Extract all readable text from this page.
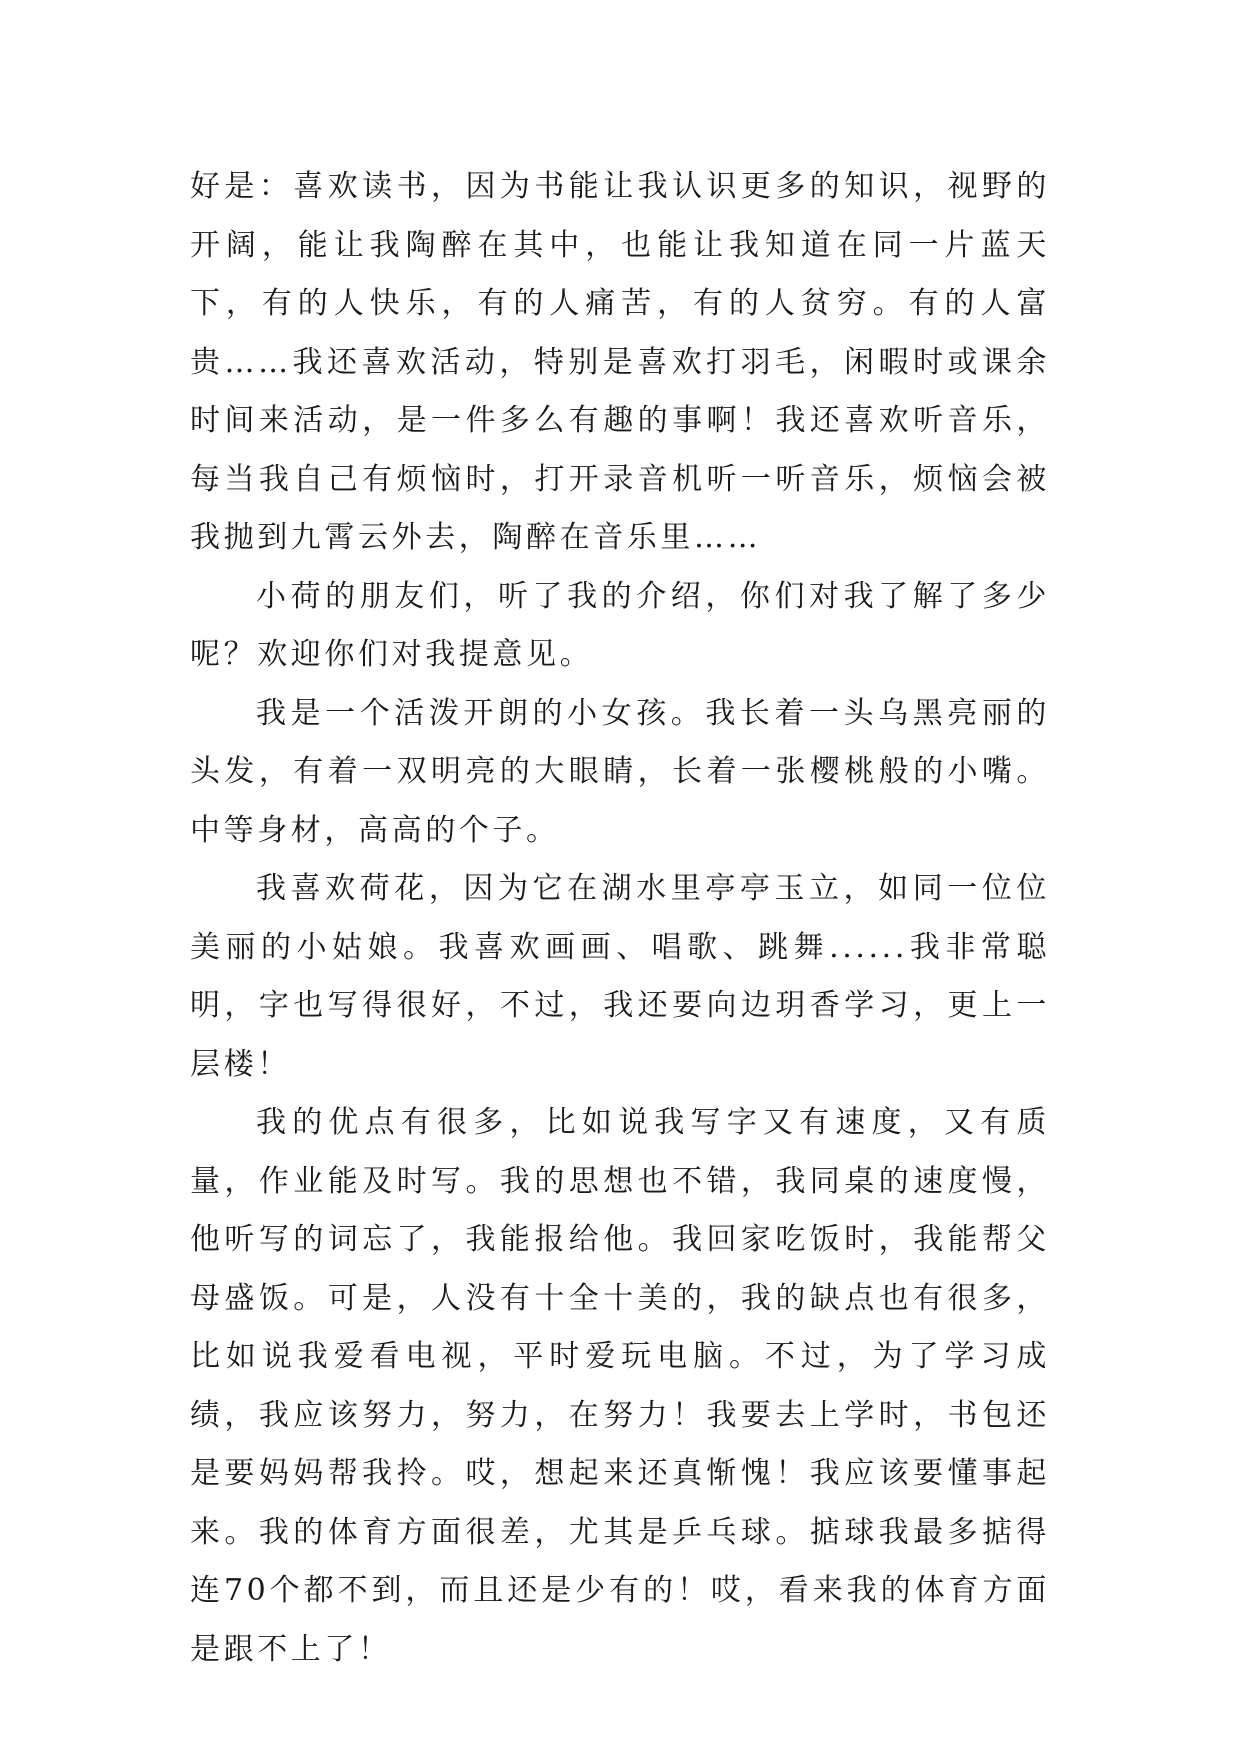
好是：喜欢读书，因为书能让我认识更多的知识，视野的开阔，能让我陶醉在其中，也能让我知道在同一片蓝天下，有的人快乐，有的人痛苦，有的人贫穷。有的人富贵……我还喜欢活动，特别是喜欢打羽毛，闲暇时或课余时间来活动，是一件多么有趣的事啊！我还喜欢听音乐，每当我自己有烦恼时，打开录音机听一听音乐，烦恼会被我抛到九霄云外去，陶醉在音乐里……

小荷的朋友们，听了我的介绍，你们对我了解了多少呢？欢迎你们对我提意见。

我是一个活泼开朗的小女孩。我长着一头乌黑亮丽的头发，有着一双明亮的大眼睛，长着一张樱桃般的小嘴。中等身材，高高的个子。

我喜欢荷花，因为它在湖水里亭亭玉立，如同一位位美丽的小姑娘。我喜欢画画、唱歌、跳舞......我非常聪明，字也写得很好，不过，我还要向边玥香学习，更上一层楼！

我的优点有很多，比如说我写字又有速度，又有质量，作业能及时写。我的思想也不错，我同桌的速度慢，他听写的词忘了，我能报给他。我回家吃饭时，我能帮父母盛饭。可是，人没有十全十美的，我的缺点也有很多，比如说我爱看电视，平时爱玩电脑。不过，为了学习成绩，我应该努力，努力，在努力！我要去上学时，书包还是要妈妈帮我拎。哎，想起来还真惭愧！我应该要懂事起来。我的体育方面很差，尤其是乒乓球。掂球我最多掂得连70个都不到，而且还是少有的！哎，看来我的体育方面是跟不上了！
